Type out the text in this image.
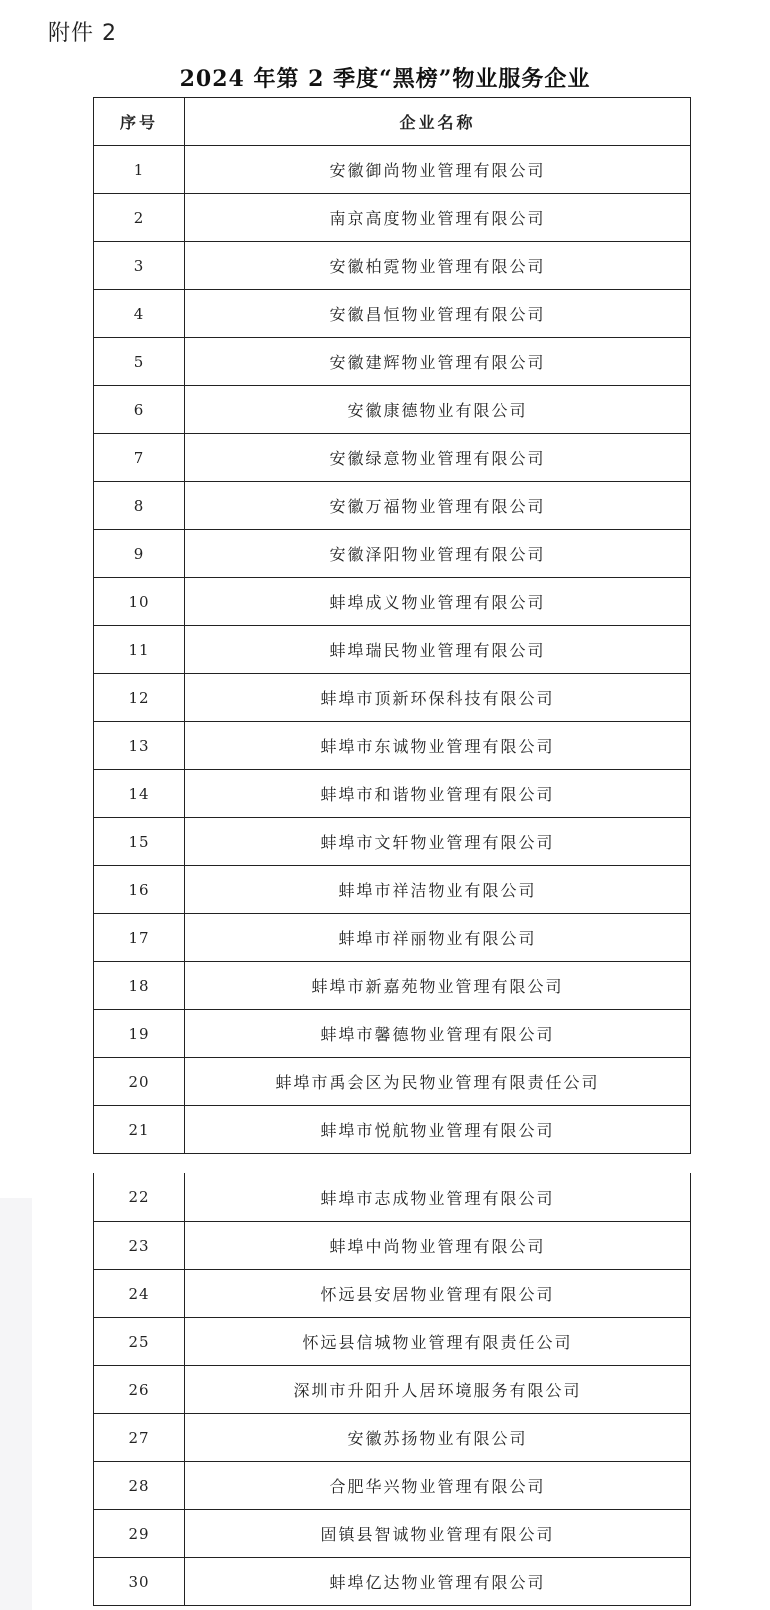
附件 2
2024 年第 2 季度“黑榜”物业服务企业
序号	企业名称
1	安徽御尚物业管理有限公司
2	南京高度物业管理有限公司
3	安徽柏霓物业管理有限公司
4	安徽昌恒物业管理有限公司
5	安徽建辉物业管理有限公司
6	安徽康德物业有限公司
7	安徽绿意物业管理有限公司
8	安徽万福物业管理有限公司
9	安徽泽阳物业管理有限公司
10	蚌埠成义物业管理有限公司
11	蚌埠瑞民物业管理有限公司
12	蚌埠市顶新环保科技有限公司
13	蚌埠市东诚物业管理有限公司
14	蚌埠市和谐物业管理有限公司
15	蚌埠市文轩物业管理有限公司
16	蚌埠市祥洁物业有限公司
17	蚌埠市祥丽物业有限公司
18	蚌埠市新嘉苑物业管理有限公司
19	蚌埠市馨德物业管理有限公司
20	蚌埠市禹会区为民物业管理有限责任公司
21	蚌埠市悦航物业管理有限公司
22	蚌埠市志成物业管理有限公司
23	蚌埠中尚物业管理有限公司
24	怀远县安居物业管理有限公司
25	怀远县信城物业管理有限责任公司
26	深圳市升阳升人居环境服务有限公司
27	安徽苏扬物业有限公司
28	合肥华兴物业管理有限公司
29	固镇县智诚物业管理有限公司
30	蚌埠亿达物业管理有限公司
